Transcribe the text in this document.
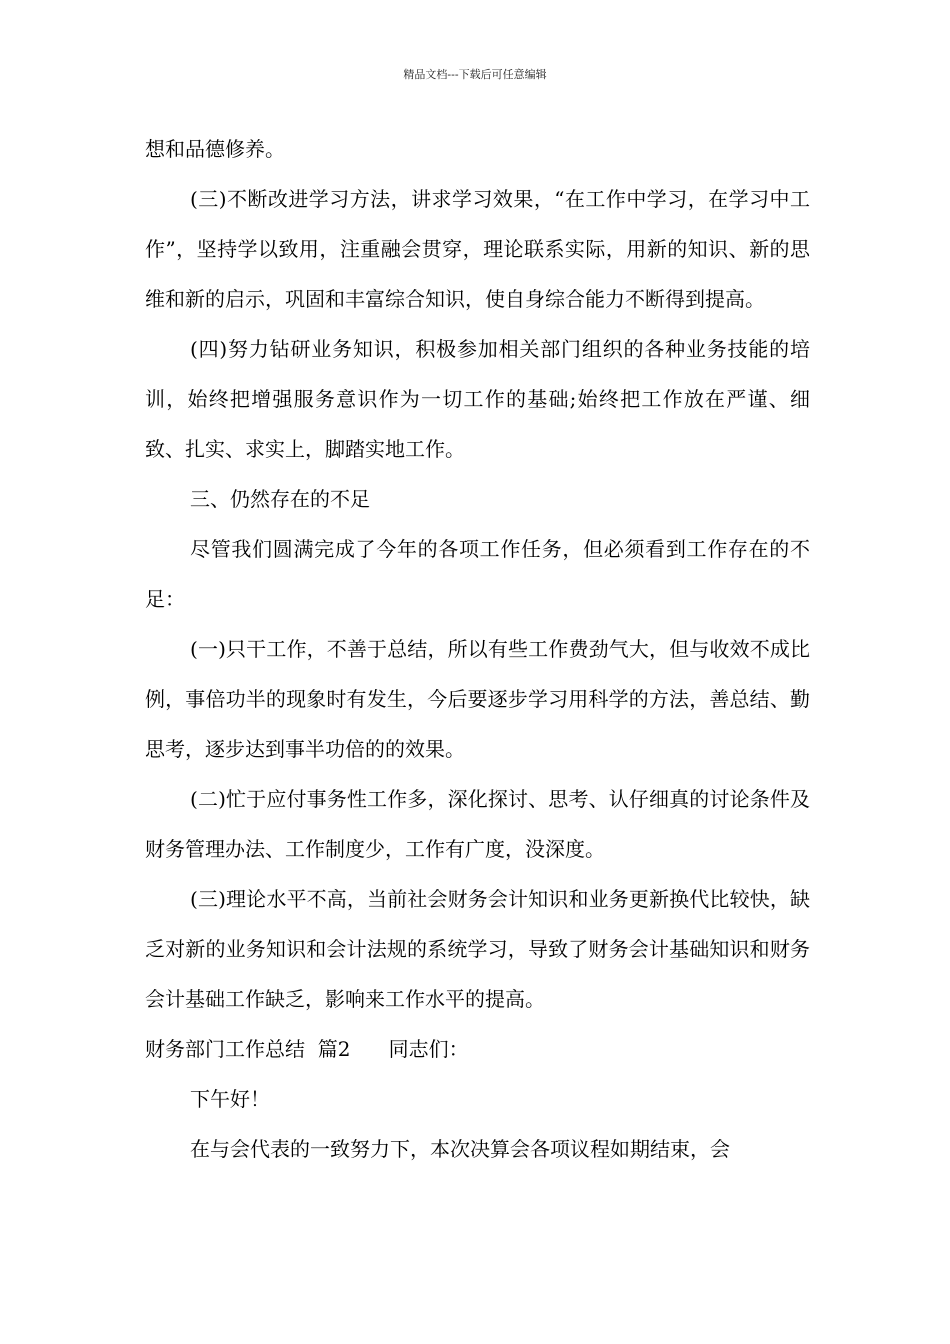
精品文档---下载后可任意编辑

想和品德修养。

(三)不断改进学习方法，讲求学习效果，“在工作中学习，在学习中工作”，坚持学以致用，注重融会贯穿，理论联系实际，用新的知识、新的思维和新的启示，巩固和丰富综合知识，使自身综合能力不断得到提高。

(四)努力钻研业务知识，积极参加相关部门组织的各种业务技能的培训，始终把增强服务意识作为一切工作的基础;始终把工作放在严谨、细致、扎实、求实上，脚踏实地工作。

三、仍然存在的不足

尽管我们圆满完成了今年的各项工作任务，但必须看到工作存在的不足：

(一)只干工作，不善于总结，所以有些工作费劲气大，但与收效不成比例，事倍功半的现象时有发生，今后要逐步学习用科学的方法，善总结、勤思考，逐步达到事半功倍的的效果。

(二)忙于应付事务性工作多，深化探讨、思考、认仔细真的讨论条件及财务管理办法、工作制度少，工作有广度，没深度。

(三)理论水平不高，当前社会财务会计知识和业务更新换代比较快，缺乏对新的业务知识和会计法规的系统学习，导致了财务会计基础知识和财务会计基础工作缺乏，影响来工作水平的提高。

财务部门工作总结  篇2      同志们：

下午好！

在与会代表的一致努力下，本次决算会各项议程如期结束，会
